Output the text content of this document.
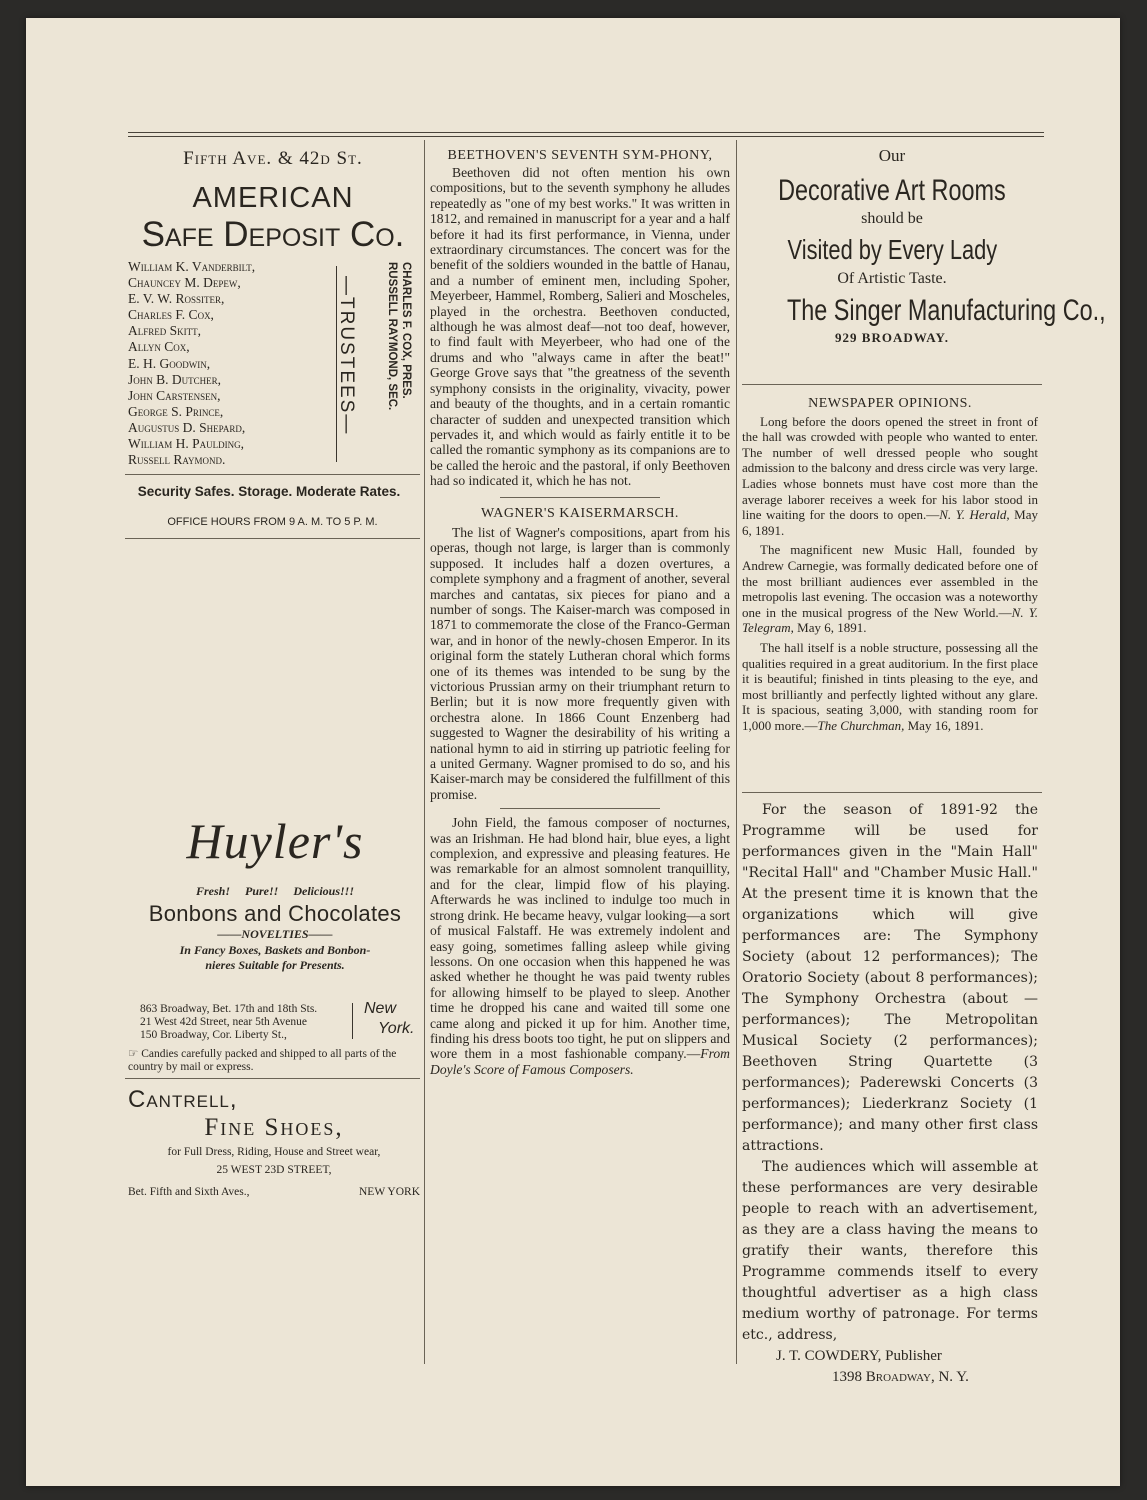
Fifth Ave. & 42d St.
AMERICAN
Safe Deposit Co.
William K. Vanderbilt,
Chauncey M. Depew,
E. V. W. Rossiter,
Charles F. Cox,
Alfred Skitt,
Allyn Cox,
E. H. Goodwin,
John B. Dutcher,
John Carstensen,
George S. Prince,
Augustus D. Shepard,
William H. Paulding,
Russell Raymond.
—TRUSTEES—	CHARLES F. COX, PRES.
RUSSELL RAYMOND, SEC.
Security Safes. Storage. Moderate Rates.
OFFICE HOURS FROM 9 A. M. TO 5 P. M.
Huyler's
Fresh! Pure!! Delicious!!!
Bonbons and Chocolates
——NOVELTIES——
In Fancy Boxes, Baskets and Bonbon-
nieres Suitable for Presents.
863 Broadway, Bet. 17th and 18th Sts.
21 West 42d Street, near 5th Avenue
150 Broadway, Cor. Liberty St.,
New
York.
☞ Candies carefully packed and shipped to all parts of the country by mail or express.
Cantrell,
Fine Shoes,
for Full Dress, Riding, House and Street wear,
25 WEST 23D STREET,
Bet. Fifth and Sixth Aves.,	NEW YORK
BEETHOVEN'S SEVENTH SYM-PHONY,

Beethoven did not often mention his own compositions, but to the seventh symphony he alludes repeatedly as "one of my best works." It was written in 1812, and remained in manuscript for a year and a half before it had its first performance, in Vienna, under extraordinary circumstances. The concert was for the benefit of the soldiers wounded in the battle of Hanau, and a number of eminent men, including Spoher, Meyerbeer, Hammel, Romberg, Salieri and Moscheles, played in the orchestra. Beethoven conducted, although he was almost deaf—not too deaf, however, to find fault with Meyerbeer, who had one of the drums and who "always came in after the beat!" George Grove says that "the greatness of the seventh symphony consists in the originality, vivacity, power and beauty of the thoughts, and in a certain romantic character of sudden and unexpected transition which pervades it, and which would as fairly entitle it to be called the romantic symphony as its companions are to be called the heroic and the pastoral, if only Beethoven had so indicated it, which he has not.

WAGNER'S KAISERMARSCH.

The list of Wagner's compositions, apart from his operas, though not large, is larger than is commonly supposed. It includes half a dozen overtures, a complete symphony and a fragment of another, several marches and cantatas, six pieces for piano and a number of songs. The Kaiser-march was composed in 1871 to commemorate the close of the Franco-German war, and in honor of the newly-chosen Emperor. In its original form the stately Lutheran choral which forms one of its themes was intended to be sung by the victorious Prussian army on their triumphant return to Berlin; but it is now more frequently given with orchestra alone. In 1866 Count Enzenberg had suggested to Wagner the desirability of his writing a national hymn to aid in stirring up patriotic feeling for a united Germany. Wagner promised to do so, and his Kaiser-march may be considered the fulfillment of this promise.

John Field, the famous composer of nocturnes, was an Irishman. He had blond hair, blue eyes, a light complexion, and expressive and pleasing features. He was remarkable for an almost somnolent tranquillity, and for the clear, limpid flow of his playing. Afterwards he was inclined to indulge too much in strong drink. He became heavy, vulgar looking—a sort of musical Falstaff. He was extremely indolent and easy going, sometimes falling asleep while giving lessons. On one occasion when this happened he was asked whether he thought he was paid twenty rubles for allowing himself to be played to sleep. Another time he dropped his cane and waited till some one came along and picked it up for him. Another time, finding his dress boots too tight, he put on slippers and wore them in a most fashionable company.—From Doyle's Score of Famous Composers.

Our
Decorative Art Rooms
should be
Visited by Every Lady
Of Artistic Taste.
The Singer Manufacturing Co.,
929 BROADWAY.
NEWSPAPER OPINIONS.

Long before the doors opened the street in front of the hall was crowded with people who wanted to enter. The number of well dressed people who sought admission to the balcony and dress circle was very large. Ladies whose bonnets must have cost more than the average laborer receives a week for his labor stood in line waiting for the doors to open.—N. Y. Herald, May 6, 1891.

The magnificent new Music Hall, founded by Andrew Carnegie, was formally dedicated before one of the most brilliant audiences ever assembled in the metropolis last evening. The occasion was a noteworthy one in the musical progress of the New World.—N. Y. Telegram, May 6, 1891.

The hall itself is a noble structure, possessing all the qualities required in a great auditorium. In the first place it is beautiful; finished in tints pleasing to the eye, and most brilliantly and perfectly lighted without any glare. It is spacious, seating 3,000, with standing room for 1,000 more.—The Churchman, May 16, 1891.

For the season of 1891-92 the Programme will be used for performances given in the "Main Hall" "Recital Hall" and "Chamber Music Hall." At the present time it is known that the organizations which will give performances are: The Symphony Society (about 12 performances); The Oratorio Society (about 8 performances); The Symphony Orchestra (about — performances); The Metropolitan Musical Society (2 performances); Beethoven String Quartette (3 performances); Paderewski Concerts (3 performances); Liederkranz Society (1 performance); and many other first class attractions.

The audiences which will assemble at these performances are very desirable people to reach with an advertisement, as they are a class having the means to gratify their wants, therefore this Programme commends itself to every thoughtful advertiser as a high class medium worthy of patronage. For terms etc., address,

J. T. COWDERY, Publisher
1398 Broadway, N. Y.
